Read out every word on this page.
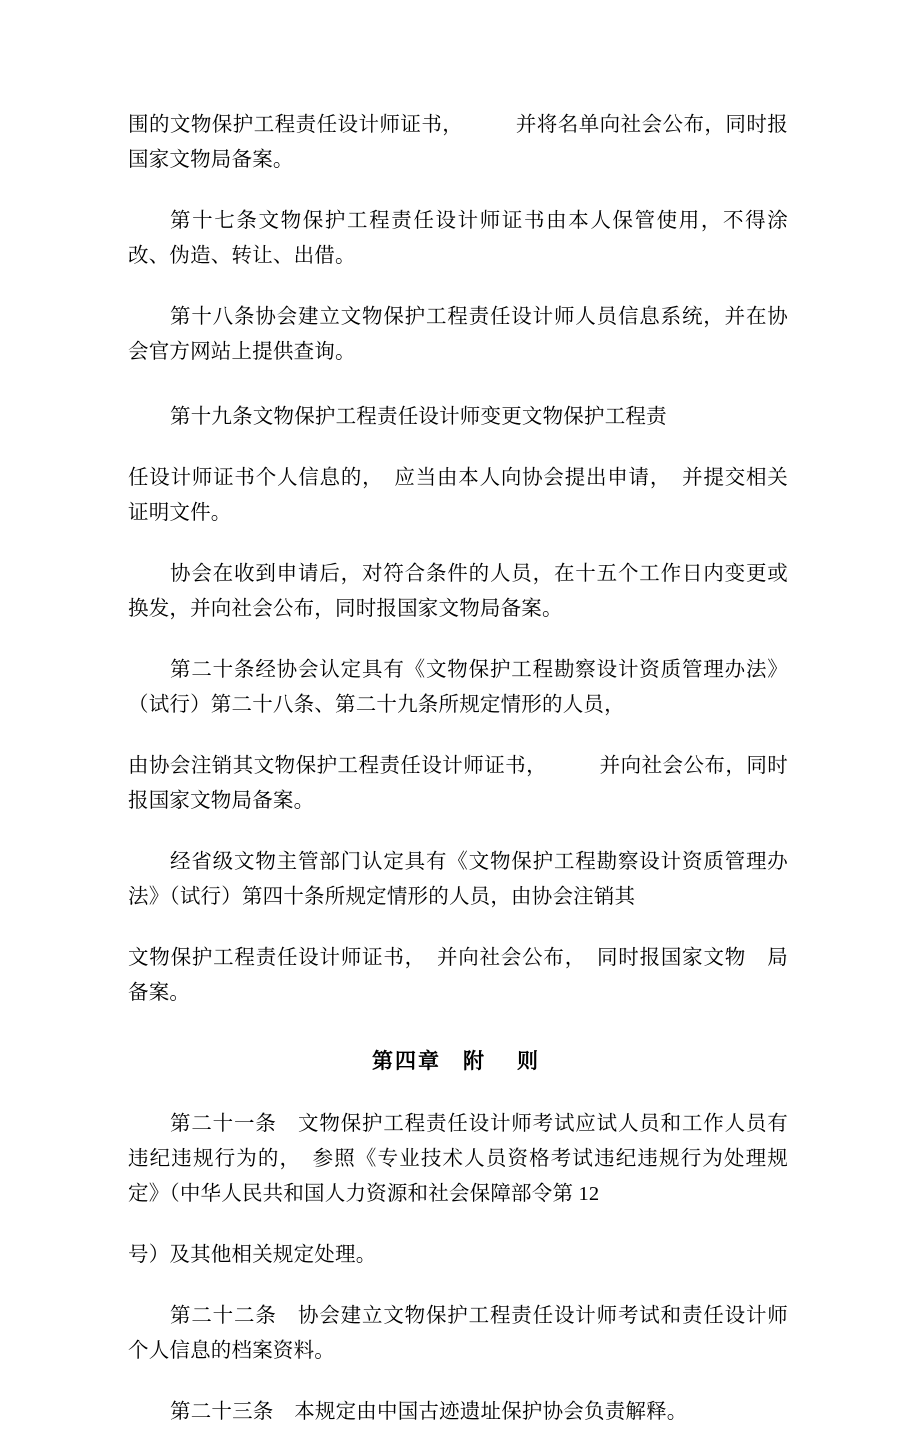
围的文物保护工程责任设计师证书，　　　并将名单向社会公布，同时报国家文物局备案。

第十七条文物保护工程责任设计师证书由本人保管使用，不得涂改、伪造、转让、出借。

第十八条协会建立文物保护工程责任设计师人员信息系统，并在协会官方网站上提供查询。

第十九条文物保护工程责任设计师变更文物保护工程责

任设计师证书个人信息的，　应当由本人向协会提出申请，　并提交相关证明文件。

协会在收到申请后，对符合条件的人员，在十五个工作日内变更或换发，并向社会公布，同时报国家文物局备案。

第二十条经协会认定具有《文物保护工程勘察设计资质管理办法》（试行）第二十八条、第二十九条所规定情形的人员，

由协会注销其文物保护工程责任设计师证书，　　　并向社会公布，同时报国家文物局备案。

经省级文物主管部门认定具有《文物保护工程勘察设计资质管理办法》（试行）第四十条所规定情形的人员，由协会注销其

文物保护工程责任设计师证书，　并向社会公布，　同时报国家文物　局备案。

第四章 附　则

第二十一条　文物保护工程责任设计师考试应试人员和工作人员有违纪违规行为的，　参照《专业技术人员资格考试违纪违规行为处理规定》（中华人民共和国人力资源和社会保障部令第 12

号）及其他相关规定处理。

第二十二条　协会建立文物保护工程责任设计师考试和责任设计师个人信息的档案资料。

第二十三条　本规定由中国古迹遗址保护协会负责解释。
